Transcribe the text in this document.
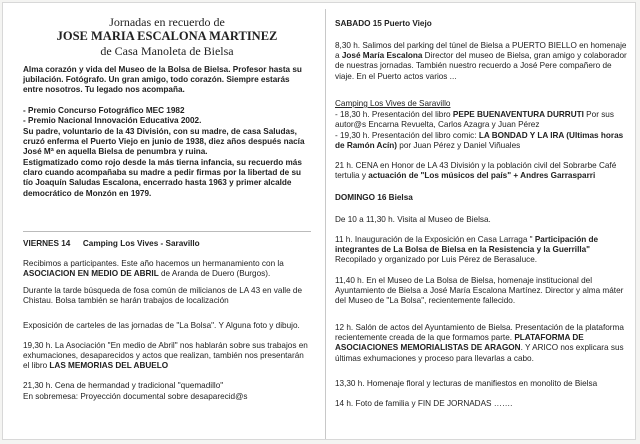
Jornadas en recuerdo de
JOSE MARIA ESCALONA MARTINEZ
de Casa Manoleta de Bielsa

Alma corazón y vida del Museo de la Bolsa de Bielsa. Profesor hasta su jubilación. Fotógrafo. Un gran amigo, todo corazón. Siempre estarás entre nosotros. Tu legado nos acompaña.

- Premio Concurso Fotográfico MEC 1982

- Premio Nacional Innovación Educativa 2002.

Su padre, voluntario de la 43 División, con su madre, de casa Saludas, cruzó enferma el Puerto Viejo en junio de 1938, diez años después nacía José Mª en aquella Bielsa de penumbra y ruina.

Estigmatizado como rojo desde la más tierna infancia, su recuerdo más claro cuando acompañaba su madre a pedir firmas por la libertad de su tío Joaquín Saludas Escalona, encerrado hasta 1963 y primer alcalde democrático de Monzón en 1979.

VIERNES 14 Camping Los Vives - Saravillo

Recibimos a participantes. Este año hacemos un hermanamiento con la ASOCIACION EN MEDIO DE ABRIL de Aranda de Duero (Burgos).

Durante la tarde búsqueda de fosa común de milicianos de LA 43 en valle de Chistau. Bolsa también se harán trabajos de localización

Exposición de carteles de las jornadas de "La Bolsa". Y Alguna foto y dibujo.

19,30 h. La Asociación "En medio de Abril" nos hablarán sobre sus trabajos en exhumaciones, desaparecidos y actos que realizan, también nos presentarán el libro LAS MEMORIAS DEL ABUELO

21,30 h. Cena de hermandad y tradicional "quemadillo"

En sobremesa: Proyección documental sobre desaparecid@s

SABADO 15 Puerto Viejo

8,30 h. Salimos del parking del túnel de Bielsa a PUERTO BIELLO en homenaje a José María Escalona Director del museo de Bielsa, gran amigo y colaborador de nuestras jornadas. También nuestro recuerdo a José Pere compañero de viaje. En el Puerto actos varios ...

Camping Los Vives de Saravillo

- 18,30 h. Presentación del libro PEPE BUENAVENTURA DURRUTI Por sus autor@s Encarna Revuelta, Carlos Azagra y Juan Pérez

- 19,30 h. Presentación del libro comic: LA BONDAD Y LA IRA (Ultimas horas de Ramón Acín) por Juan Pérez y Daniel Viñuales

21 h. CENA en Honor de LA 43 División y la población civil del Sobrarbe Café tertulia y actuación de "Los músicos del país" + Andres Garrasparri

DOMINGO 16 Bielsa

De 10 a 11,30 h. Visita al Museo de Bielsa.

11 h. Inauguración de la Exposición en Casa Larraga " Participación de integrantes de La Bolsa de Bielsa en la Resistencia y la Guerrilla" Recopilado y organizado por Luis Pérez de Berasaluce.

11,40 h. En el Museo de La Bolsa de Bielsa, homenaje institucional del Ayuntamiento de Bielsa a José María Escalona Martínez. Director y alma máter del Museo de "La Bolsa", recientemente fallecido.

12 h. Salón de actos del Ayuntamiento de Bielsa. Presentación de la plataforma recientemente creada de la que formamos parte. PLATAFORMA DE ASOCIACIONES MEMORIALISTAS DE ARAGON. Y ARICO nos explicara sus últimas exhumaciones y proceso para llevarlas a cabo.

13,30 h. Homenaje floral y lecturas de manifiestos en monolito de Bielsa

14 h. Foto de familia y FIN DE JORNADAS …….
